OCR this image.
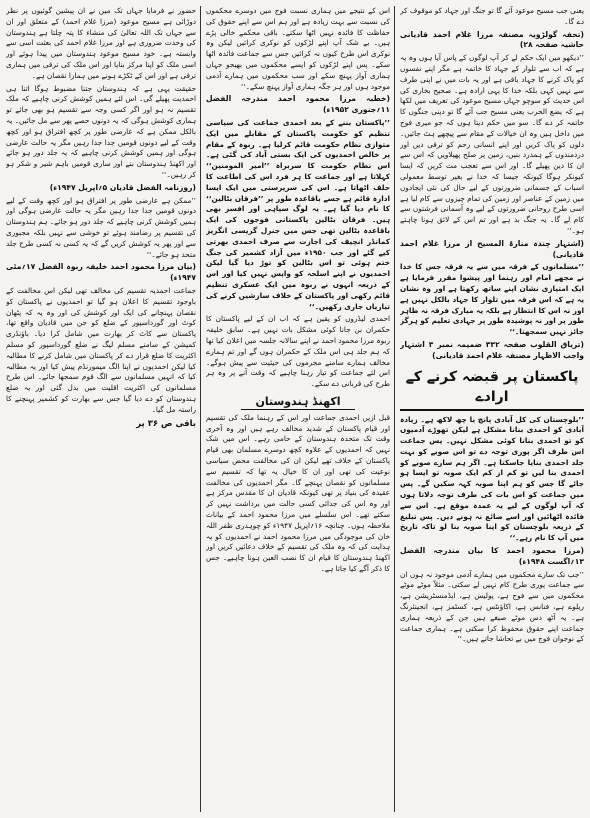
یعنی جب مسیح موعود آئے گا تو جنگ اور جہاد کو موقوف کر دے گا۔

(تحفہ گولڑویہ مصنفہ مرزا غلام احمد قادیانی حاشیہ صفحہ ۲۸)

’’دیکھو میں ایک حکم لے کر آپ لوگوں کے پاس آیا ہوں وہ یہ ہے کہ اب سے تلوار کے جہاد کا خاتمہ ہے مگر اپنے نفسوں کو پاک کرنے کا جہاد باقی ہے اور یہ بات میں نے اپنی طرف سے نہیں کہی بلکہ خدا کا یہی ارادہ ہے۔ صحیح بخاری کی اس حدیث کو سوچو جہاں مسیح موعود کی تعریف میں لکھا ہے کہ یضع الحرب یعنی مسیح جب آئے گا تو دینی جنگوں کا خاتمہ کر دے گا۔ سو میں حکم دیتا ہوں کہ جو میری فوج میں داخل ہیں وہ ان خیالات کے مقام سے پیچھے ہٹ جائیں۔ دلوں کو پاک کریں اور اپنے انسانی رحم کو ترقی دیں اور دردمندوں کے ہمدرد بنیں، زمین پر صلح پھیلاویں کہ اس سے ان کا دین پھیلے گا۔ اور اس سے تعجب مت کریں کہ ایسا کیونکر ہوگا کیونکہ جیسا کہ خدا نے بغیر توسط معمولی اسباب کے جسمانی ضرورتوں کے لیے حال کی نئی ایجادوں میں زمین کے عناصر اور زمین کی تمام چیزوں سے کام لیا ہے اسی طرح روحانی ضرورتوں کے لیے وہ آسمانی فرشتوں سے کام لے گا۔ یہ جنگ بد ہے اور تم اس کے لائق ہونا چاہتے ہو۔‘‘

(اشتہار چندہ منارۃ المسیح از مرزا غلام احمد قادیانی)

’’مسلمانوں کے فرقہ میں سے یہ فرقہ جس کا خدا نے مجھے امام اور رہنما اور پیشوا مقرر فرمایا ہے ایک امتیازی نشان اپنے ساتھ رکھتا ہے اور وہ نشان یہ ہے کہ اس فرقہ میں تلوار کا جہاد بالکل نہیں ہے اور نہ اس کا انتظار ہے بلکہ یہ مبارک فرقہ نہ ظاہر طور پر اور نہ پوشیدہ طور پر جہادی تعلیم کو ہرگز جائز نہیں سمجھتا۔‘‘

(تریاق القلوب صفحہ ۳۳۲ ضمیمہ نمبر ۳ اشتہار واجب الاظہار مصنفہ غلام احمد قادیانی)

پاکستان پر قبضہ کرنے کے ارادے

’’بلوچستان کی کل آبادی پانچ یا چھ لاکھ ہے۔ زیادہ آبادی کو احمدی بنانا مشکل ہے لیکن تھوڑے آدمیوں کو تو احمدی بنانا کوئی مشکل نہیں۔ پس جماعت اس طرف اگر پوری توجہ دے تو اس صوبے کو بہت جلد احمدی بنایا جاسکتا ہے۔ اگر ہم سارے صوبے کو احمدی بنا لیں تو کم از کم ایک صوبہ تو ایسا ہو جائے گا جس کو ہم اپنا صوبہ کہہ سکیں گے۔ پس میں جماعت کو اس بات کی طرف توجہ دلاتا ہوں کہ آپ لوگوں کے لیے یہ عمدہ موقع ہے۔ اس سے فائدہ اٹھائیں اور اسے ضائع نہ ہونے دیں۔ پس تبلیغ کے ذریعہ بلوچستان کو اپنا صوبہ بنا لو تاکہ تاریخ میں آپ کا نام رہے۔‘‘

(مرزا محمود احمد کا بیان مندرجہ الفضل ۱۳؍اگست ۱۹۴۸ء)

’’جب تک سارے محکموں میں ہمارے آدمی موجود نہ ہوں ان سے جماعت پوری طرح کام نہیں لے سکتی۔ مثلاً موٹے موٹے محکموں میں سے فوج ہے، پولیس ہے، ایڈمنسٹریشن ہے، ریلوے ہے، فنانس ہے، اکاؤنٹس ہے، کسٹمز ہے، انجینئرنگ ہے۔ یہ آٹھ دس موٹے صیغے ہیں جن کے ذریعہ ہماری جماعت اپنے حقوق محفوظ کرا سکتی ہے۔ ہماری جماعت کے نوجوان فوج میں بے تحاشا جاتے ہیں۔‘‘

اس کے نتیجے میں ہماری نسبت فوج میں دوسرے محکموں کی نسبت سے بہت زیادہ ہے اور ہم اس سے اپنے حقوق کی حفاظت کا فائدہ نہیں اٹھا سکتے۔ باقی محکمے خالی پڑے ہیں۔ بے شک آپ اپنے لڑکوں کو نوکری کرائیں لیکن وہ نوکری اس طرح کیوں نہ کرائیں جس سے جماعت فائدہ اٹھا سکے۔ پس اپنے لڑکوں کو ایسے محکموں میں بھیجو جہاں ہماری آواز پہنچ سکے اور سب محکموں میں ہمارے آدمی موجود ہوں اور ہر جگہ ہماری آواز پہنچ سکے۔‘‘

(خطبہ مرزا محمود احمد مندرجہ الفضل ۱۱؍جنوری ۱۹۵۲ء)

’’پاکستان بننے کے بعد احمدی جماعت کی سیاسی تنظیم کو حکومت پاکستان کے مقابلے میں ایک متوازی نظام حکومت قائم کرلیا ہے۔ ربوہ کے مقام پر خالص احمدیوں کی ایک بستی آباد کی گئی ہے۔ اس نظام حکومت کا سربراہ ’’امیر المومنین‘‘ کہلاتا ہے اور جماعت کا ہر فرد اس کی اطاعت کا حلف اٹھاتا ہے۔ اس کی سرپرستی میں ایک ایسا ادارہ قائم ہے جسے باقاعدہ طور پر ’’فرقان بٹالین‘‘ کا نام دیا گیا ہے۔ یہ لوگ سپاہی اور افسر بھی ہیں۔ فرقان بٹالین پاکستانی فوجوں کی ایک باقاعدہ بٹالین تھی جس میں جنرل گریسی انگریز کمانڈر انچیف کی اجازت سے صرف احمدی بھرتی کیے گئے اور جب ۱۹۵۰ء میں آزاد کشمیر کی جنگ ختم ہوئی تو اس بٹالین کو توڑ دیا گیا لیکن احمدیوں نے اپنے اسلحہ کو واپس نہیں کیا اور اس کے ذریعہ انہوں نے ربوہ میں ایک عسکری تنظیم قائم رکھی اور پاکستان کے خلاف سازشیں کرنے کی تیاریاں جاری رکھیں۔‘‘

احمدی لیڈروں کو یقین ہے کہ اب ان کے لیے پاکستان کا حکمران بن جانا کوئی مشکل بات نہیں ہے۔ سابق خلیفہ ربوہ مرزا محمود احمد نے اپنے سالانہ جلسہ میں اعلان کیا تھا کہ ہم جلد ہی اس ملک کے حکمران ہوں گے اور تم ہمارے مخالف ہمارے سامنے مجرموں کی حیثیت سے پیش ہوگے۔ اس لئے جماعت کو تیار رہنا چاہیے کہ وقت آنے پر وہ ہر طرح کی قربانی دے سکے۔

اکھنڈ ہندوستان

قبل ازیں احمدی جماعت اور اس کے رہنما ملک کی تقسیم اور قیام پاکستان کے شدید مخالف رہے ہیں اور وہ آخری وقت تک متحدہ ہندوستان کے حامی رہے۔ اس میں شک نہیں کہ احمدیوں کے علاوہ کچھ دوسرے مسلمان بھی قیام پاکستان کے خلاف تھے لیکن ان کی مخالفت محض سیاسی نوعیت کی تھی اور ان کا خیال یہ تھا کہ تقسیم سے مسلمانوں کو نقصان پہنچے گا۔ مگر احمدیوں کی مخالفت عقیدہ کی بنیاد پر تھی کیونکہ قادیان ان کا مقدس مرکز ہے اور وہ اس کی جدائی کسی حالت میں برداشت نہیں کر سکتے تھے۔ اس سلسلے میں مرزا محمود احمد کے بیانات ملاحظہ ہوں۔ چنانچہ ۱۶؍اپریل ۱۹۴۷ء کو چوہدری ظفر اللہ خان کی موجودگی میں مرزا محمود احمد نے احمدیوں کو یہ ہدایت کی کہ وہ ملک کی تقسیم کے خلاف دعائیں کریں اور اکھنڈ ہندوستان کا قیام ان کا نصب العین ہونا چاہیے۔ جس کا ذکر آگے کیا جاتا ہے۔

حضور نے فرمایا جہاں تک میں نے ان پیشین گوئیوں پر نظر دوڑائی ہے مسیح موعود (مرزا غلام احمد) کے متعلق اور ان سے جہاں تک اللہ تعالیٰ کی منشاء کا پتہ چلتا ہے ہندوستان کی وحدت ضروری ہے اور مرزا غلام احمد کی بعثت اسی سے وابستہ ہے۔ خود مسیح موعود ہندوستان میں پیدا ہوئے اور اسی ملک کو اپنا مرکز بنایا اور اس ملک کی ترقی میں ہماری ترقی ہے اور اس کے ٹکڑے ہونے میں ہمارا نقصان ہے۔

حقیقت یہی ہے کہ ہندوستان جتنا مضبوط ہوگا اتنا ہی احمدیت پھیلے گی۔ اس لئے ہمیں کوشش کرنی چاہیے کہ ملک تقسیم نہ ہو اور اگر کسی وجہ سے تقسیم ہو بھی جائے تو ہماری کوشش ہوگی کہ یہ دونوں حصے پھر سے مل جائیں۔ یہ بالکل ممکن ہے کہ عارضی طور پر کچھ افتراق ہو اور کچھ وقت کے لیے دونوں قومیں جدا جدا رہیں مگر یہ حالت عارضی ہوگی اور ہمیں کوشش کرنی چاہیے کہ یہ جلد دور ہو جائے اور اکھنڈ ہندوستان بنے اور ساری قومیں باہم شیر و شکر ہو کر رہیں۔‘‘

(روزنامہ الفضل قادیان ۵؍اپریل ۱۹۴۷ء)

’’ممکن ہے عارضی طور پر افتراق ہو اور کچھ وقت کے لیے دونوں قومیں جدا جدا رہیں مگر یہ حالت عارضی ہوگی اور ہمیں کوشش کرنی چاہیے کہ جلد دور ہو جائے۔ ہم ہندوستان کی تقسیم پر رضامند ہوئے تو خوشی سے نہیں بلکہ مجبوری سے اور پھر یہ کوشش کریں گے کہ یہ کسی نہ کسی طرح جلد متحد ہو جائے۔‘‘

(بیان مرزا محمود احمد خلیفہ ربوہ الفضل ۱۷؍مئی ۱۹۴۷ء)

جماعت احمدیہ تقسیم کی مخالف تھی لیکن اس مخالفت کے باوجود تقسیم کا اعلان ہو گیا تو احمدیوں نے پاکستان کو نقصان پہنچانے کی ایک اور کوشش کی اور وہ یہ کہ پٹھان کوٹ اور گورداسپور کے ضلع کو جن میں قادیان واقع تھا، پاکستان سے کاٹ کر بھارت میں شامل کرا دیا۔ باؤنڈری کمیشن کے سامنے مسلم لیگ نے ضلع گورداسپور کو مسلم اکثریت کا ضلع قرار دے کر پاکستان میں شامل کرنے کا مطالبہ کیا لیکن احمدیوں نے اپنا الگ میمورنڈم پیش کیا اور یہ مطالبہ کیا کہ انہیں مسلمانوں سے الگ قوم سمجھا جائے۔ اس طرح مسلمانوں کی اکثریت اقلیت میں بدل گئی اور یہ ضلع ہندوستان کو دے دیا گیا جس سے بھارت کو کشمیر پہنچنے کا راستہ مل گیا۔

باقی ص ۳۶ پر
